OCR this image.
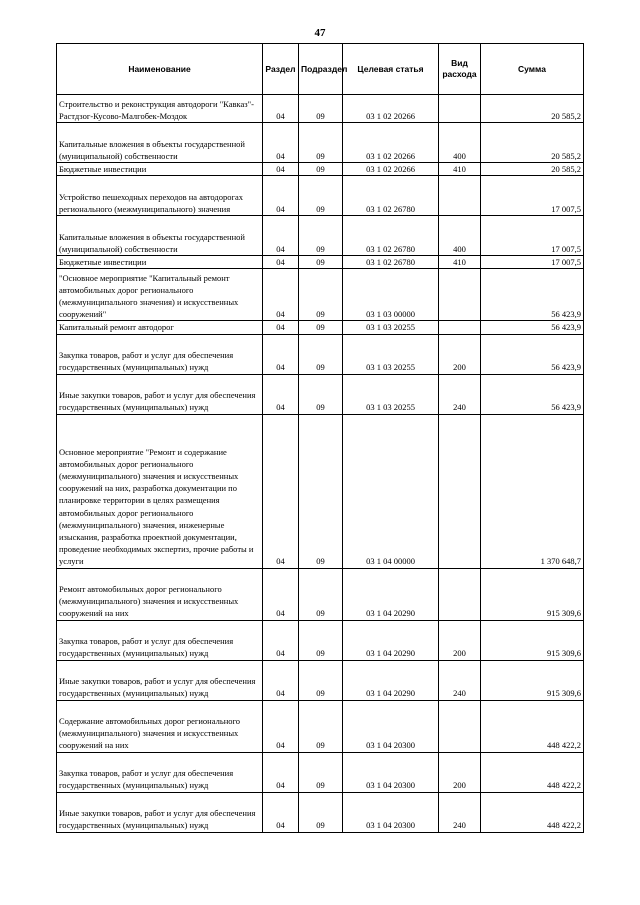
47
Наименование	Раздел	Подраздел	Целевая статья	Вид расхода	Сумма
Строительство и реконструкция автодороги "Кавказ"-Растдзог-Кусово-Малгобек-Моздок	04	09	03 1 02 20266		20 585,2
Капитальные вложения в объекты государственной (муниципальной) собственности	04	09	03 1 02 20266	400	20 585,2
Бюджетные инвестиции	04	09	03 1 02 20266	410	20 585,2
Устройство пешеходных переходов на автодорогах регионального (межмуниципального) значения	04	09	03 1 02 26780		17 007,5
Капитальные вложения в объекты государственной (муниципальной) собственности	04	09	03 1 02 26780	400	17 007,5
Бюджетные инвестиции	04	09	03 1 02 26780	410	17 007,5
"Основное мероприятие "Капитальный ремонт автомобильных дорог регионального (межмуниципального значения) и искусственных сооружений"	04	09	03 1 03 00000		56 423,9
Капитальный ремонт автодорог	04	09	03 1 03 20255		56 423,9
Закупка товаров, работ и услуг для обеспечения государственных (муниципальных) нужд	04	09	03 1 03 20255	200	56 423,9
Иные закупки товаров, работ и услуг для обеспечения государственных (муниципальных) нужд	04	09	03 1 03 20255	240	56 423,9
Основное мероприятие "Ремонт и содержание автомобильных дорог регионального (межмуниципального) значения и искусственных сооружений на них, разработка документации по планировке территории в целях размещения автомобильных дорог регионального (межмуниципального) значения, инженерные изыскания, разработка проектной документации, проведение необходимых экспертиз, прочие работы и услуги	04	09	03 1 04 00000		1 370 648,7
Ремонт автомобильных дорог регионального (межмуниципального) значения и искусственных сооружений на них	04	09	03 1 04 20290		915 309,6
Закупка товаров, работ и услуг для обеспечения государственных (муниципальных) нужд	04	09	03 1 04 20290	200	915 309,6
Иные закупки товаров, работ и услуг для обеспечения государственных (муниципальных) нужд	04	09	03 1 04 20290	240	915 309,6
Содержание автомобильных дорог регионального (межмуниципального) значения и искусственных сооружений на них	04	09	03 1 04 20300		448 422,2
Закупка товаров, работ и услуг для обеспечения государственных (муниципальных) нужд	04	09	03 1 04 20300	200	448 422,2
Иные закупки товаров, работ и услуг для обеспечения государственных (муниципальных) нужд	04	09	03 1 04 20300	240	448 422,2
